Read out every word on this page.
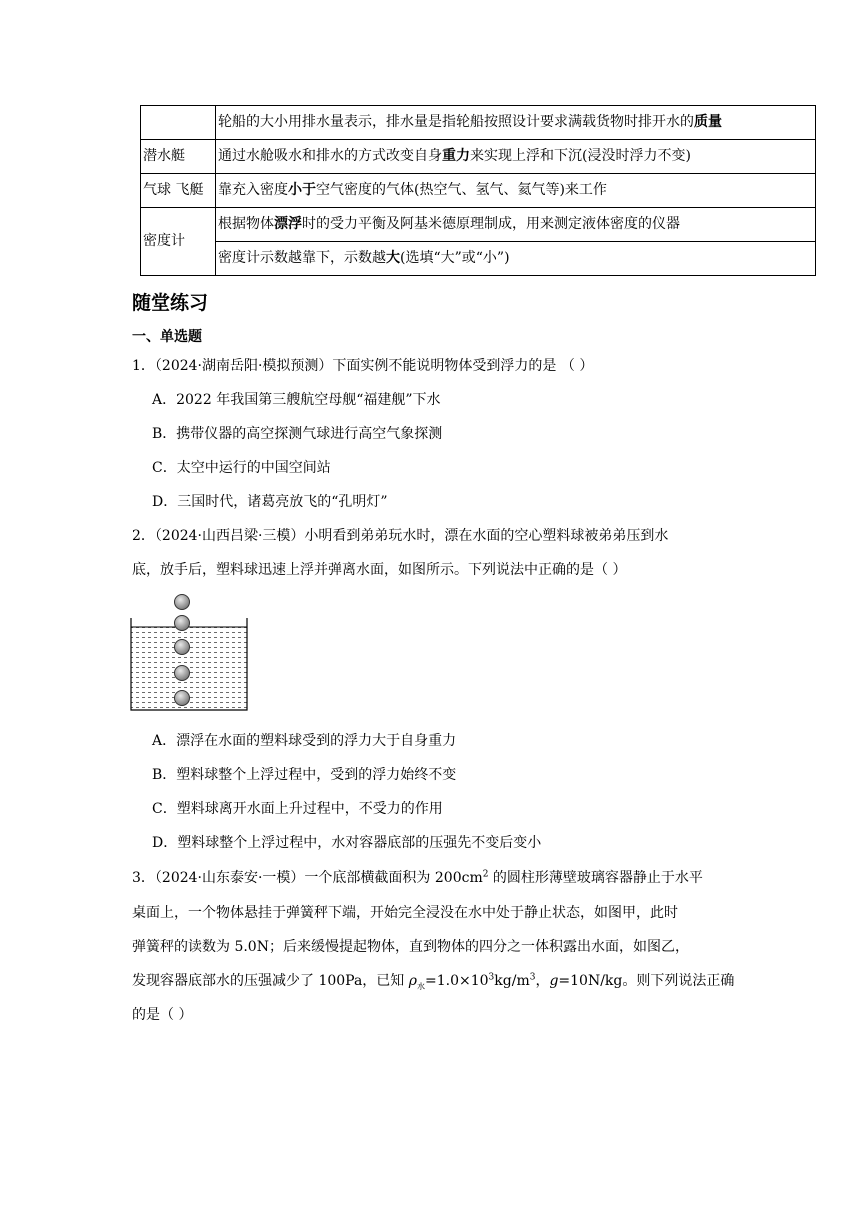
	轮船的大小用排水量表示，排水量是指轮船按照设计要求满载货物时排开水的质量
潜水艇	通过水舱吸水和排水的方式改变自身重力来实现上浮和下沉(浸没时浮力不变)
气球 飞艇	靠充入密度小于空气密度的气体(热空气、氢气、氦气等)来工作
密度计	根据物体漂浮时的受力平衡及阿基米德原理制成，用来测定液体密度的仪器
	密度计示数越靠下，示数越大(选填“大”或“小”)
随堂练习
一、单选题
1．（2024·湖南岳阳·模拟预测）下面实例不能说明物体受到浮力的是 （ ）
A．2022 年我国第三艘航空母舰“福建舰”下水
B．携带仪器的高空探测气球进行高空气象探测
C．太空中运行的中国空间站
D．三国时代，诸葛亮放飞的“孔明灯”
2．（2024·山西吕梁·三模）小明看到弟弟玩水时，漂在水面的空心塑料球被弟弟压到水
底，放手后，塑料球迅速上浮并弹离水面，如图所示。下列说法中正确的是（ ）
A．漂浮在水面的塑料球受到的浮力大于自身重力
B．塑料球整个上浮过程中，受到的浮力始终不变
C．塑料球离开水面上升过程中，不受力的作用
D．塑料球整个上浮过程中，水对容器底部的压强先不变后变小
3．（2024·山东泰安·一模）一个底部横截面积为 $200cm^2$ 的圆柱形薄壁玻璃容器静止于水平
桌面上，一个物体悬挂于弹簧秤下端，开始完全浸没在水中处于静止状态，如图甲，此时
弹簧秤的读数为 5.0N；后来缓慢提起物体，直到物体的四分之一体积露出水面，如图乙，
发现容器底部水的压强减少了 100Pa，已知 $\rho_水=1.0\times 10^3kg/m^3$，g=10N/kg。则下列说法正确
的是（ ）
